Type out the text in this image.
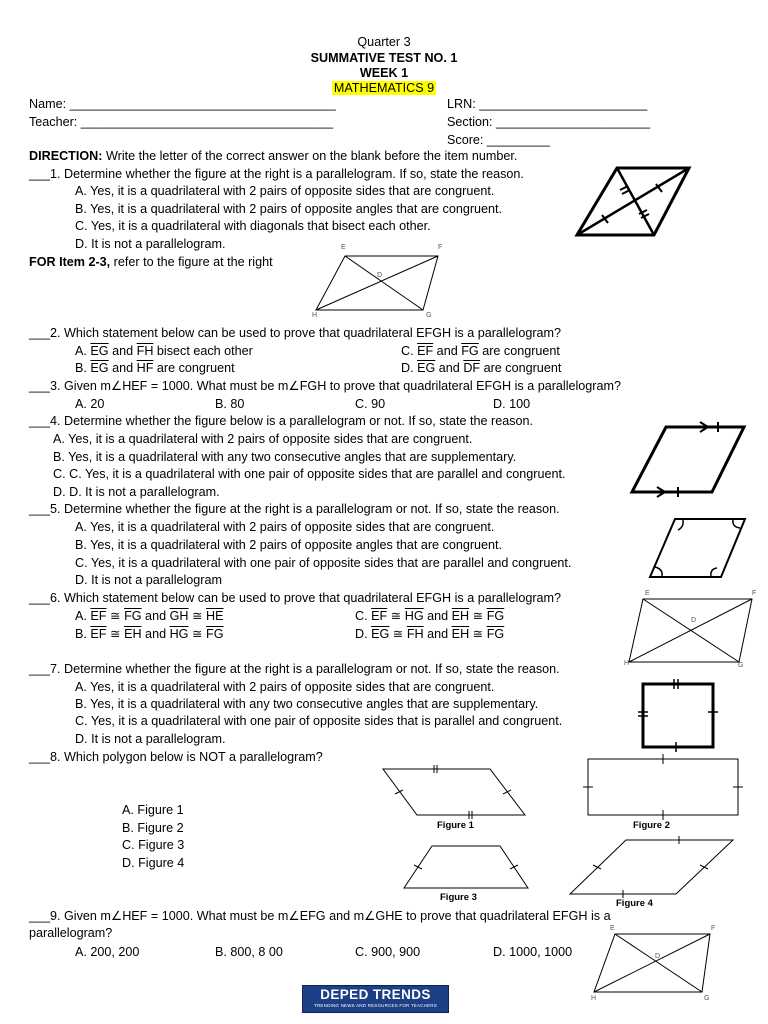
Quarter 3
SUMMATIVE TEST NO. 1
WEEK 1
MATHEMATICS 9
Name: ______________________________________	LRN: ________________________
Teacher: ____________________________________	Section: ______________________
Score: _________
DIRECTION: Write the letter of the correct answer on the blank before the item number.
___1. Determine whether the figure at the right is a parallelogram. If so, state the reason.
A. Yes, it is a quadrilateral with 2 pairs of opposite sides that are congruent.
B. Yes, it is a quadrilateral with 2 pairs of opposite angles that are congruent.
C. Yes, it is a quadrilateral with diagonals that bisect each other.
D. It is not a parallelogram.
FOR Item 2-3, refer to the figure at the right
E	F
G
H
D
___2. Which statement below can be used to prove that quadrilateral EFGH is a parallelogram?
A. $\overline{EG}$ and $\overline{FH}$ bisect each other
B. $\overline{EG}$ and $\overline{HF}$ are congruent
C. $\overline{EF}$ and $\overline{FG}$ are congruent
D. $\overline{EG}$ and $\overline{DF}$ are congruent
___3. Given m∠HEF = 1000. What must be m∠FGH to prove that quadrilateral EFGH is a parallelogram?
A. 20	B. 80	C. 90	D. 100
___4. Determine whether the figure below is a parallelogram or not. If so, state the reason.
A. Yes, it is a quadrilateral with 2 pairs of opposite sides that are congruent.
B. Yes, it is a quadrilateral with any two consecutive angles that are supplementary.
C. C. Yes, it is a quadrilateral with one pair of opposite sides that are parallel and congruent.
D. D. It is not a parallelogram.
___5. Determine whether the figure at the right is a parallelogram or not. If so, state the reason.
A. Yes, it is a quadrilateral with 2 pairs of opposite sides that are congruent.
B. Yes, it is a quadrilateral with 2 pairs of opposite angles that are congruent.
C. Yes, it is a quadrilateral with one pair of opposite sides that are parallel and congruent.
D. It is not a parallelogram
___6. Which statement below can be used to prove that quadrilateral EFGH is a parallelogram?
A. $\overline{EF}$ ≅ $\overline{FG}$ and $\overline{GH}$ ≅ $\overline{HE}$
B. $\overline{EF}$ ≅ $\overline{EH}$ and $\overline{HG}$ ≅ $\overline{FG}$
C. $\overline{EF}$ ≅ $\overline{HG}$ and $\overline{EH}$ ≅ $\overline{FG}$
D. $\overline{EG}$ ≅ $\overline{FH}$ and $\overline{EH}$ ≅ $\overline{FG}$
E	F
G
H
D
___7. Determine whether the figure at the right is a parallelogram or not. If so, state the reason.
A. Yes, it is a quadrilateral with 2 pairs of opposite sides that are congruent.
B. Yes, it is a quadrilateral with any two consecutive angles that are supplementary.
C. Yes, it is a quadrilateral with one pair of opposite sides that is parallel and congruent.
D. It is not a parallelogram.
___8. Which polygon below is NOT a parallelogram?
A. Figure 1
B. Figure 2
C. Figure 3
D. Figure 4
Figure 1	Figure 2
Figure 3
Figure 4
___9. Given m∠HEF = 1000. What must be m∠EFG and m∠GHE to prove that quadrilateral EFGH is a
parallelogram?
A. 200, 200	B. 800, 8 00	C. 900, 900	D. 1000, 1000
E	F
G
H
D
DEPED TRENDS
TRENDING NEWS AND RESOURCES FOR TEACHERS
